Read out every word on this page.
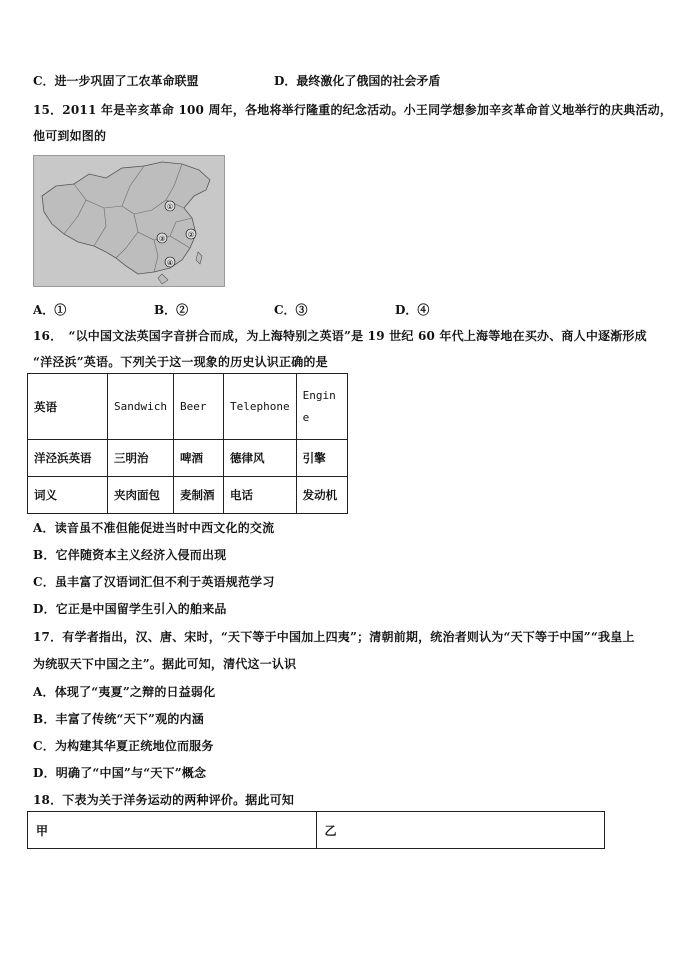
C．进一步巩固了工农革命联盟	D．最终激化了俄国的社会矛盾
15．2011 年是辛亥革命 100 周年，各地将举行隆重的纪念活动。小王同学想参加辛亥革命首义地举行的庆典活动，
他可到如图的
①
②
③
④
A．①	B．②	C．③	D．④
16．　“以中国文法英国字音拼合而成，为上海特别之英语”是 19 世纪 60 年代上海等地在买办、商人中逐渐形成
“洋泾浜”英语。下列关于这一现象的历史认识正确的是
英语	Sandwich	Beer	Telephone	Engin
e

洋泾浜英语	三明治	啤酒	德律风	引擎
词义	夹肉面包	麦制酒	电话	发动机
A．读音虽不准但能促进当时中西文化的交流
B．它伴随资本主义经济入侵而出现
C．虽丰富了汉语词汇但不利于英语规范学习
D．它正是中国留学生引入的舶来品
17．有学者指出，汉、唐、宋时，“天下等于中国加上四夷”；清朝前期，统治者则认为“天下等于中国”“我皇上
为统驭天下中国之主”。据此可知，清代这一认识
A．体现了“夷夏”之辩的日益弱化
B．丰富了传统“天下”观的内涵
C．为构建其华夏正统地位而服务
D．明确了“中国”与“天下”概念
18．下表为关于洋务运动的两种评价。据此可知
甲	乙
